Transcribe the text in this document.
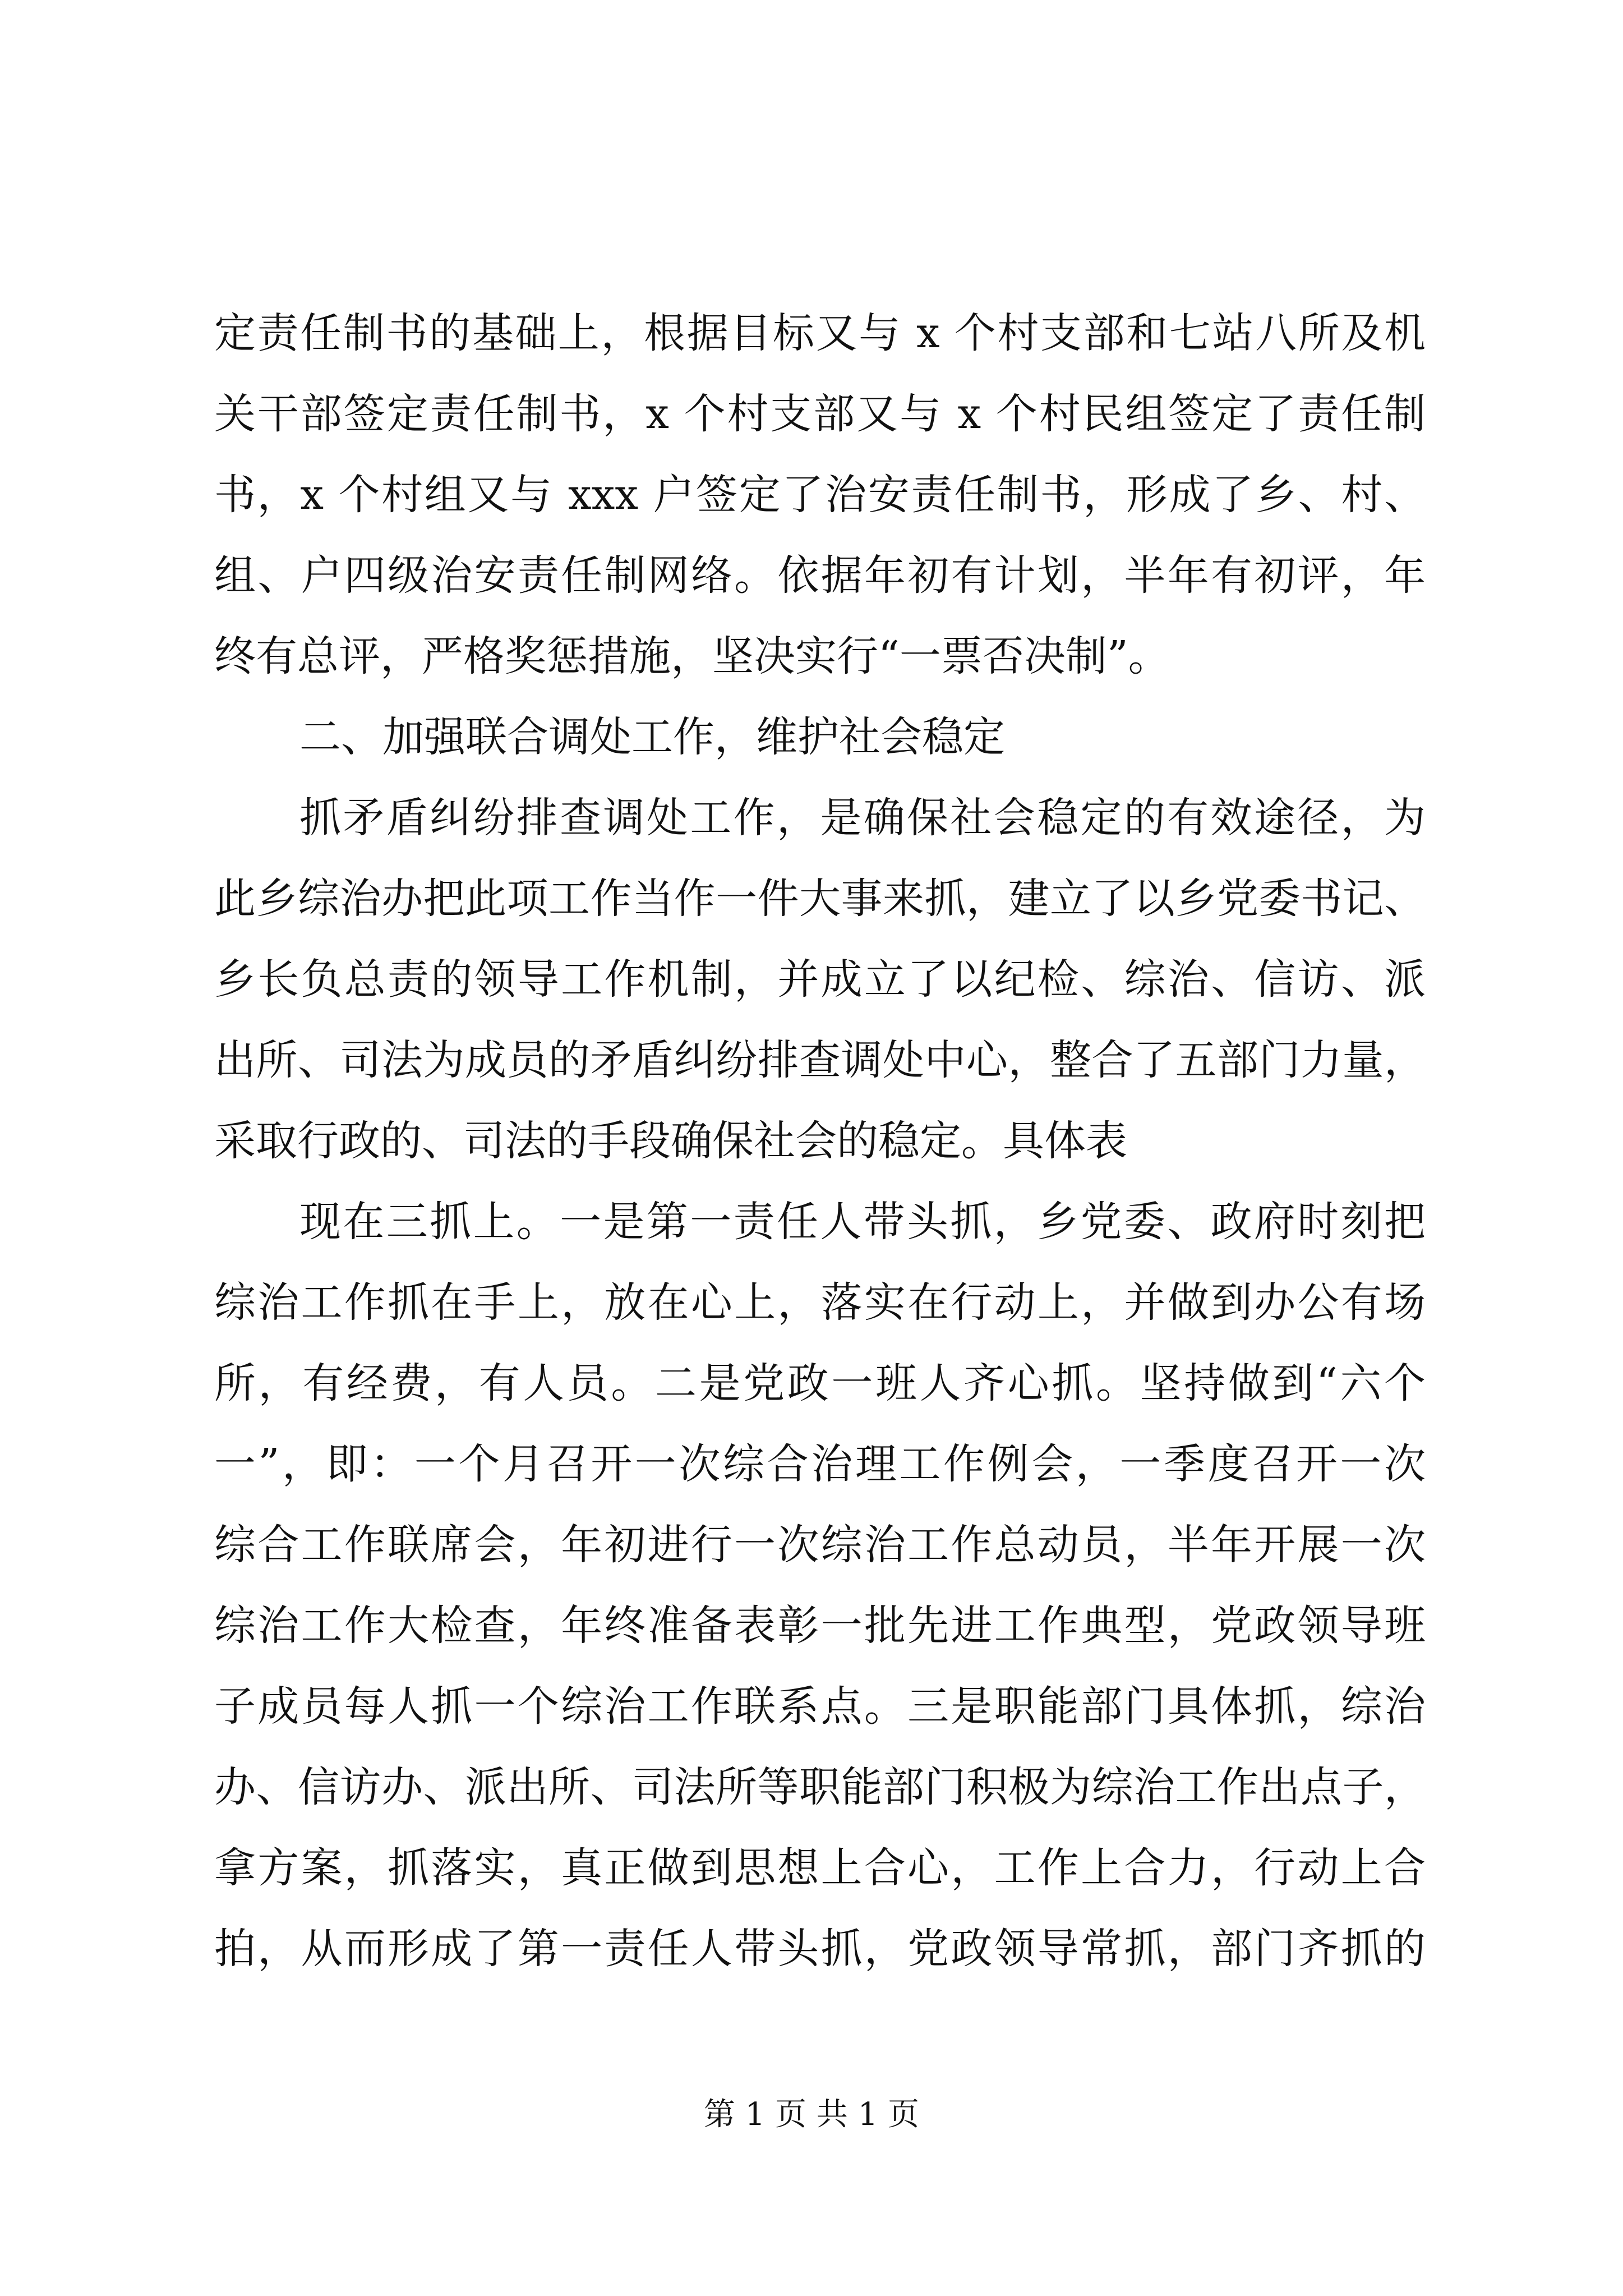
定责任制书的基础上，根据目标又与 x 个村支部和七站八所及机
关干部签定责任制书，x 个村支部又与 x 个村民组签定了责任制
书，x 个村组又与 xxx 户签定了治安责任制书，形成了乡、村、
组、户四级治安责任制网络。依据年初有计划，半年有初评，年
终有总评，严格奖惩措施，坚决实行“一票否决制”。
二、加强联合调处工作，维护社会稳定
抓矛盾纠纷排查调处工作，是确保社会稳定的有效途径，为
此乡综治办把此项工作当作一件大事来抓，建立了以乡党委书记、
乡长负总责的领导工作机制，并成立了以纪检、综治、信访、派
出所、司法为成员的矛盾纠纷排查调处中心，整合了五部门力量，
采取行政的、司法的手段确保社会的稳定。具体表
现在三抓上。一是第一责任人带头抓，乡党委、政府时刻把
综治工作抓在手上，放在心上，落实在行动上，并做到办公有场
所，有经费，有人员。二是党政一班人齐心抓。坚持做到“六个
一”，即：一个月召开一次综合治理工作例会，一季度召开一次
综合工作联席会，年初进行一次综治工作总动员，半年开展一次
综治工作大检查，年终准备表彰一批先进工作典型，党政领导班
子成员每人抓一个综治工作联系点。三是职能部门具体抓，综治
办、信访办、派出所、司法所等职能部门积极为综治工作出点子，
拿方案，抓落实，真正做到思想上合心，工作上合力，行动上合
拍，从而形成了第一责任人带头抓，党政领导常抓，部门齐抓的
第 1 页 共 1 页
